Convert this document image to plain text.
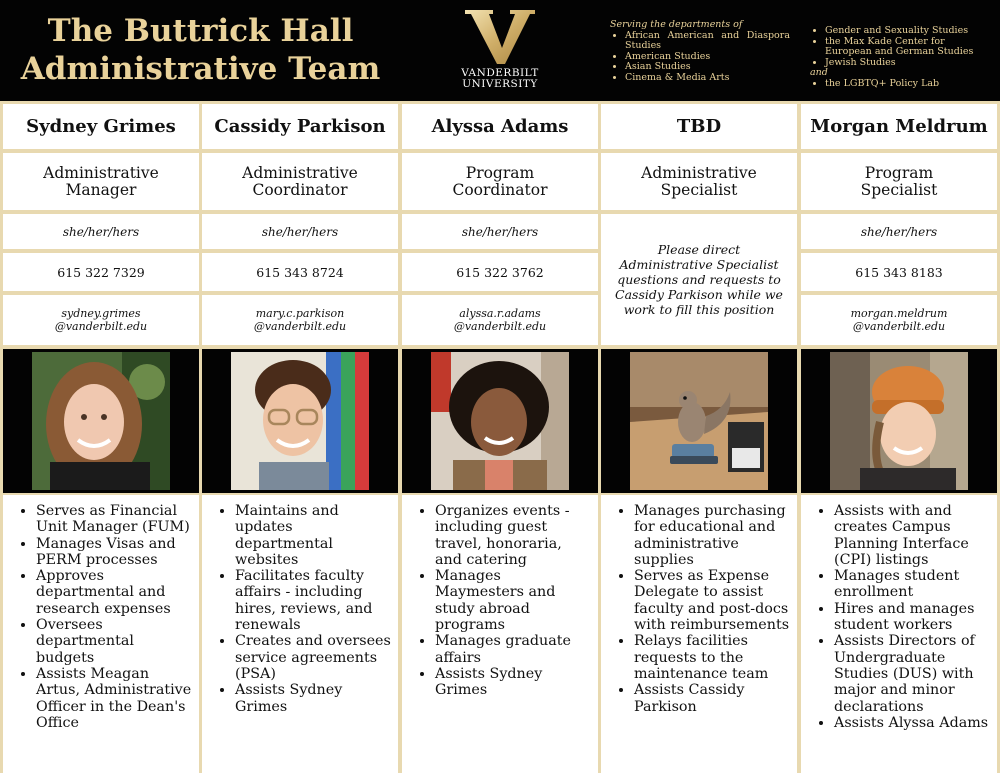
The Buttrick Hall
Administrative Team	VANDERBILT
UNIVERSITY
Serving the departments of
• African American and Diaspora Studies
• American Studies
• Asian Studies
• Cinema & Media Arts
• Gender and Sexuality Studies
• the Max Kade Center for European and German Studies
• Jewish Studies

and

• the LGBTQ+ Policy Lab
Sydney Grimes
Administrative
Manager
she/her/hers
615 322 7329
sydney.grimes
@vanderbilt.edu
• Serves as Financial Unit Manager (FUM)
• Manages Visas and PERM processes
• Approves departmental and research expenses
• Oversees departmental budgets
• Assists Meagan Artus, Administrative Officer in the Dean's Office
Cassidy Parkison
Administrative
Coordinator
she/her/hers
615 343 8724
mary.c.parkison
@vanderbilt.edu
• Maintains and updates departmental websites
• Facilitates faculty affairs - including hires, reviews, and renewals
• Creates and oversees service agreements (PSA)
• Assists Sydney Grimes
Alyssa Adams
Program
Coordinator
she/her/hers
615 322 3762
alyssa.r.adams
@vanderbilt.edu
• Organizes events - including guest travel, honoraria, and catering
• Manages Maymesters and study abroad programs
• Manages graduate affairs
• Assists Sydney Grimes
TBD
Administrative
Specialist
Please direct Administrative Specialist questions and requests to Cassidy Parkison while we work to fill this position
• Manages purchasing for educational and administrative supplies
• Serves as Expense Delegate to assist faculty and post-docs with reimbursements
• Relays facilities requests to the maintenance team
• Assists Cassidy Parkison
Morgan Meldrum
Program
Specialist
she/her/hers
615 343 8183
morgan.meldrum
@vanderbilt.edu
• Assists with and creates Campus Planning Interface (CPI) listings
• Manages student enrollment
• Hires and manages student workers
• Assists Directors of Undergraduate Studies (DUS) with major and minor declarations
• Assists Alyssa Adams
